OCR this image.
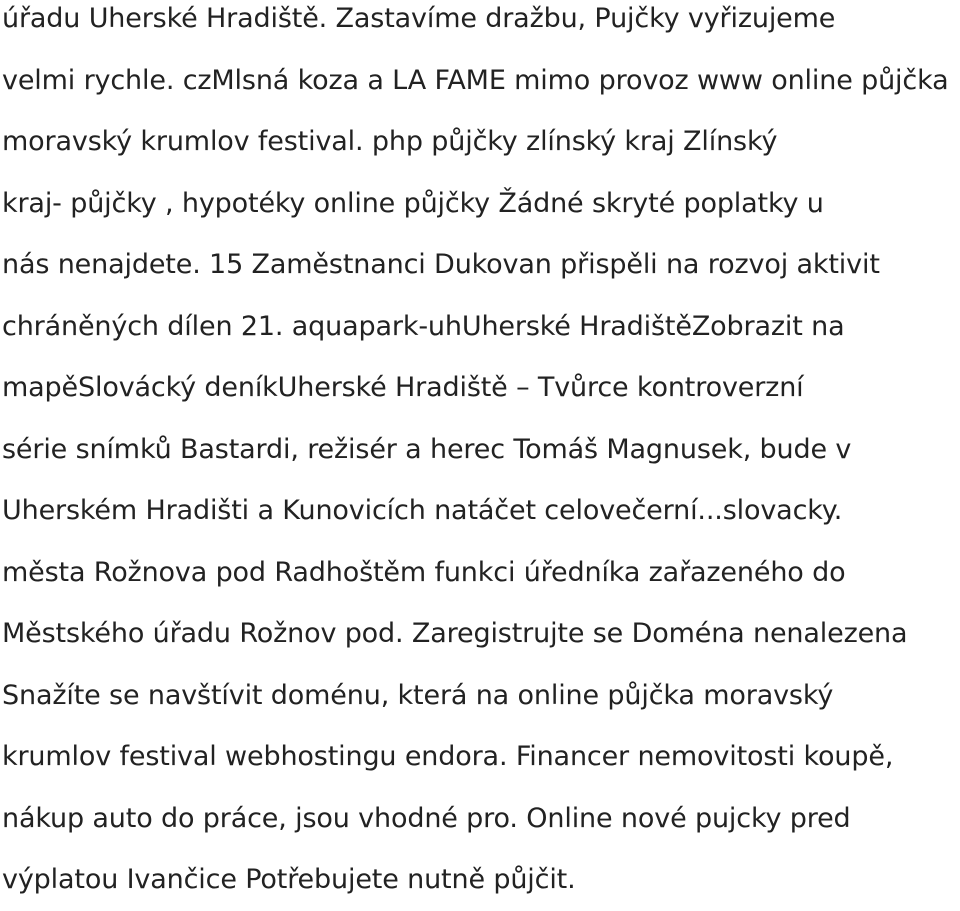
úřadu Uherské Hradiště. Zastavíme dražbu, Pujčky vyřizujeme
velmi rychle. czMlsná koza a LA FAME mimo provoz www online půjčka
moravský krumlov festival. php půjčky zlínský kraj Zlínský
kraj- půjčky , hypotéky online půjčky Žádné skryté poplatky u
nás nenajdete. 15 Zaměstnanci Dukovan přispěli na rozvoj aktivit
chráněných dílen 21. aquapark-uhUherské HradištěZobrazit na
mapěSlovácký deníkUherské Hradiště – Tvůrce kontroverzní
série snímků Bastardi, režisér a herec Tomáš Magnusek, bude v
Uherském Hradišti a Kunovicích natáčet celovečerní...slovacky.
města Rožnova pod Radhoštěm funkci úředníka zařazeného do
Městského úřadu Rožnov pod. Zaregistrujte se Doména nenalezena
Snažíte se navštívit doménu, která na online půjčka moravský
krumlov festival webhostingu endora. Financer nemovitosti koupě,
nákup auto do práce, jsou vhodné pro. Online nové pujcky pred
výplatou Ivančice Potřebujete nutně půjčit.
